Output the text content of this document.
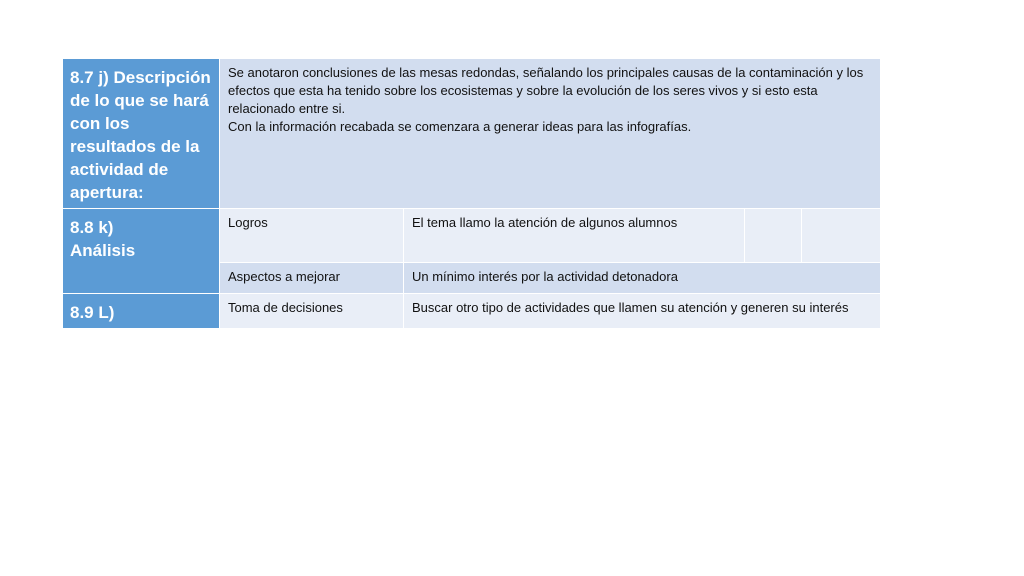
8.7 j) Descripción de lo que se hará con los resultados de la actividad de apertura:	Se anotaron conclusiones de las mesas redondas, señalando los principales causas de la contaminación y los efectos que esta ha tenido sobre los ecosistemas y sobre la evolución de los seres vivos y si esto esta relacionado entre si.
Con la información recabada se comenzara a generar ideas para las infografías.			

8.8 k)
Análisis	Logros	El tema llamo la atención de algunos alumnos		
	Aspectos a mejorar	Un mínimo interés por la actividad detonadora		
8.9 L)	Toma de decisiones	Buscar otro tipo de actividades que llamen su atención y generen su interés		
